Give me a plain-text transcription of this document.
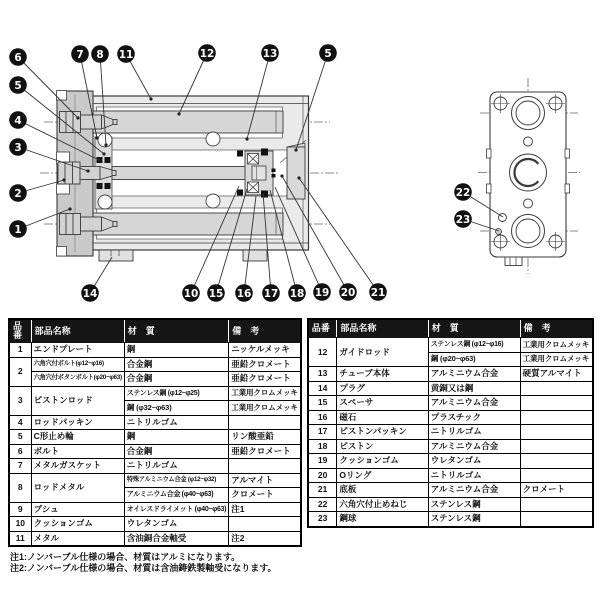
6
5
4
3
2
1
7 8 11	12	13	5
14	10 15 16 17 18 19 20 21
22
23
品番	部品名称	材　質	備　考
1	エンドプレート	鋼	ニッケルメッキ
2	六角穴付ボルト(φ12~φ16)	合金鋼	亜鉛クロメート
	六角穴付ボタンボルト(φ20~φ63)	合金鋼	亜鉛クロメート
3	ピストンロッド	ステンレス鋼 (φ12~φ25)	工業用クロムメッキ
		鋼 (φ32~φ63)	工業用クロムメッキ
4	ロッドパッキン	ニトリルゴム	
5	C形止め輪	鋼	リン酸亜鉛
6	ボルト	合金鋼	亜鉛クロメート
7	メタルガスケット	ニトリルゴム	
8	ロッドメタル	特殊アルミニウム合金 (φ12~φ32)	アルマイト
		アルミニウム合金 (φ40~φ63)	クロメート
9	ブシュ	オイレスドライメット (φ40~φ63)	注1
10	クッションゴム	ウレタンゴム	
11	メタル	含油銅合金軸受	注2
品番	部品名称	材　質	備　考
12	ガイドロッド	ステンレス鋼 (φ12~φ16)	工業用クロムメッキ
		鋼 (φ20~φ63)	工業用クロムメッキ
13	チューブ本体	アルミニウム合金	硬質アルマイト
14	プラグ	黄銅又は鋼	
15	スペーサ	アルミニウム合金	
16	磁石	プラスチック	
17	ピストンパッキン	ニトリルゴム	
18	ピストン	アルミニウム合金	
19	クッションゴム	ウレタンゴム	
20	Oリング	ニトリルゴム	
21	底板	アルミニウム合金	クロメート
22	六角穴付止めねじ	ステンレス鋼	
23	鋼球	ステンレス鋼	
注1:ノンバーブル仕様の場合、材質はアルミになります。
注2:ノンバーブル仕様の場合、材質は含油鋳鉄製軸受になります。
